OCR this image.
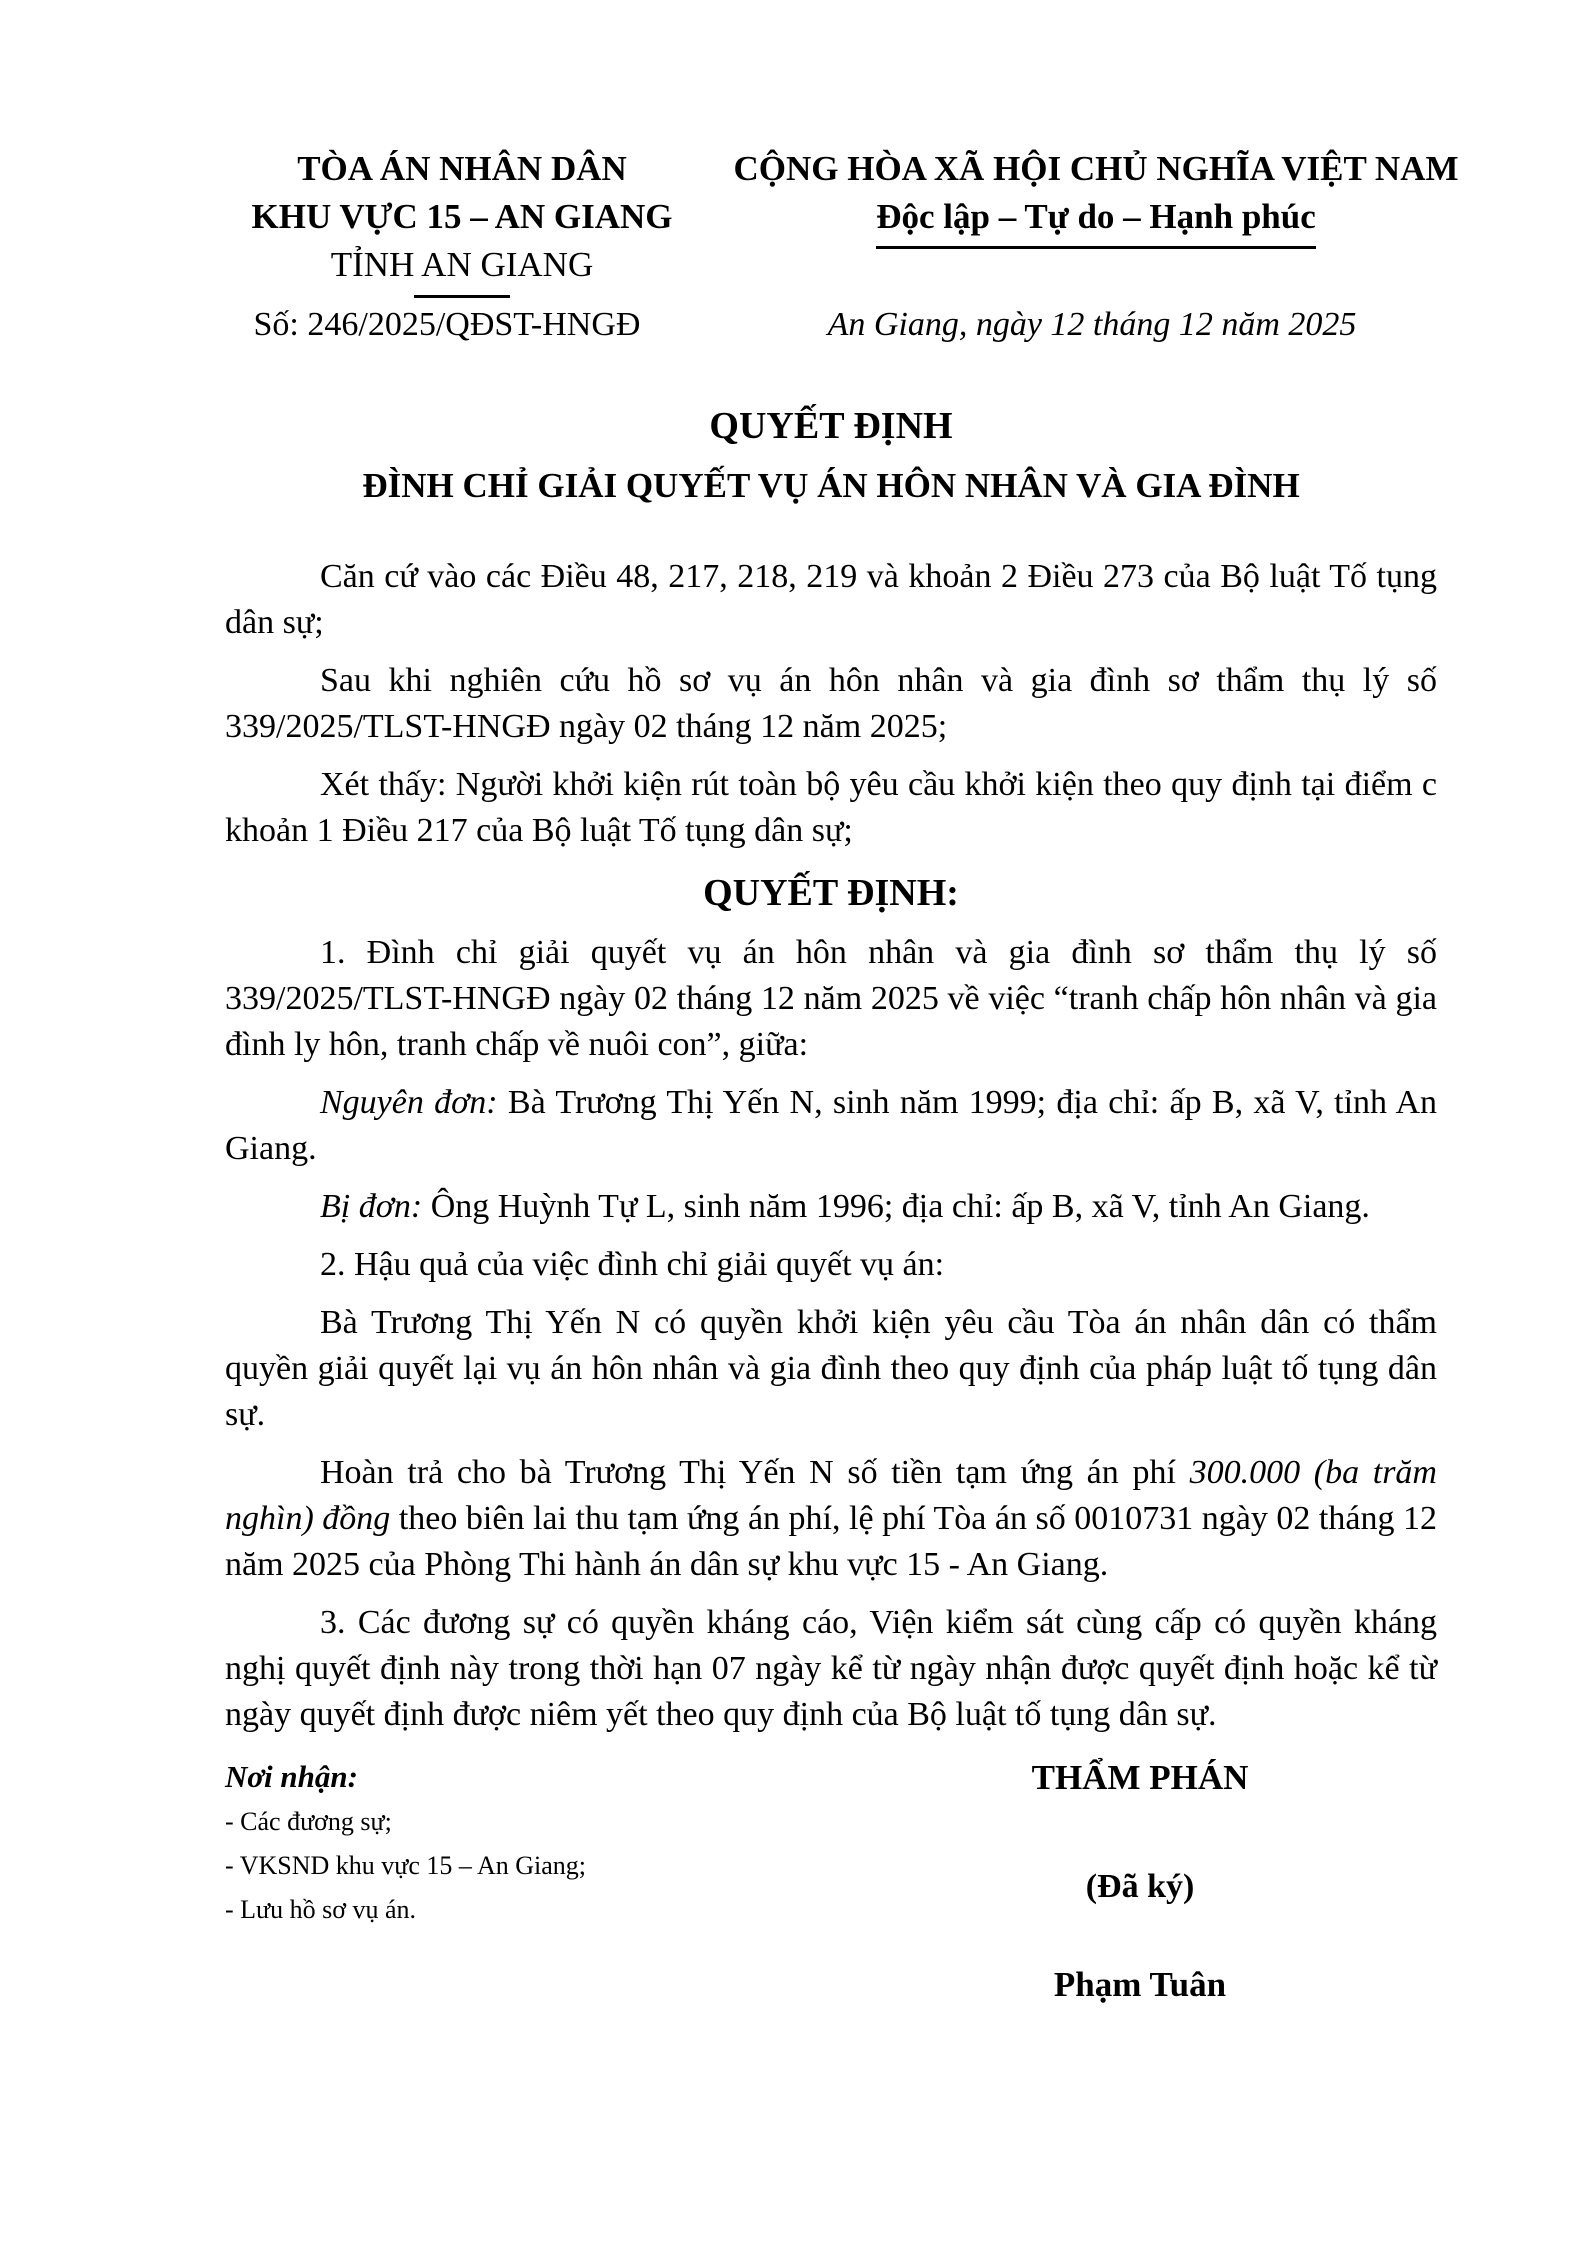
TÒA ÁN NHÂN DÂN
KHU VỰC 15 – AN GIANG
TỈNH AN GIANG
CỘNG HÒA XÃ HỘI CHỦ NGHĨA VIỆT NAM
Độc lập – Tự do – Hạnh phúc
Số: 246/2025/QĐST-HNGĐ	An Giang, ngày 12 tháng 12 năm 2025
QUYẾT ĐỊNH
ĐÌNH CHỈ GIẢI QUYẾT VỤ ÁN HÔN NHÂN VÀ GIA ĐÌNH

Căn cứ vào các Điều 48, 217, 218, 219 và khoản 2 Điều 273 của Bộ luật Tố tụng dân sự;

Sau khi nghiên cứu hồ sơ vụ án hôn nhân và gia đình sơ thẩm thụ lý số 339/2025/TLST-HNGĐ ngày 02 tháng 12 năm 2025;

Xét thấy: Người khởi kiện rút toàn bộ yêu cầu khởi kiện theo quy định tại điểm c khoản 1 Điều 217 của Bộ luật Tố tụng dân sự;

QUYẾT ĐỊNH:

1. Đình chỉ giải quyết vụ án hôn nhân và gia đình sơ thẩm thụ lý số 339/2025/TLST-HNGĐ ngày 02 tháng 12 năm 2025 về việc “tranh chấp hôn nhân và gia đình ly hôn, tranh chấp về nuôi con”, giữa:

Nguyên đơn: Bà Trương Thị Yến N, sinh năm 1999; địa chỉ: ấp B, xã V, tỉnh An Giang.

Bị đơn: Ông Huỳnh Tự L, sinh năm 1996; địa chỉ: ấp B, xã V, tỉnh An Giang.

2. Hậu quả của việc đình chỉ giải quyết vụ án:

Bà Trương Thị Yến N có quyền khởi kiện yêu cầu Tòa án nhân dân có thẩm quyền giải quyết lại vụ án hôn nhân và gia đình theo quy định của pháp luật tố tụng dân sự.

Hoàn trả cho bà Trương Thị Yến N số tiền tạm ứng án phí 300.000 (ba trăm nghìn) đồng theo biên lai thu tạm ứng án phí, lệ phí Tòa án số 0010731 ngày 02 tháng 12 năm 2025 của Phòng Thi hành án dân sự khu vực 15 - An Giang.

3. Các đương sự có quyền kháng cáo, Viện kiểm sát cùng cấp có quyền kháng nghị quyết định này trong thời hạn 07 ngày kể từ ngày nhận được quyết định hoặc kể từ ngày quyết định được niêm yết theo quy định của Bộ luật tố tụng dân sự.

Nơi nhận:
- Các đương sự;
- VKSND khu vực 15 – An Giang;
- Lưu hồ sơ vụ án.
THẨM PHÁN
(Đã ký)
Phạm Tuân
